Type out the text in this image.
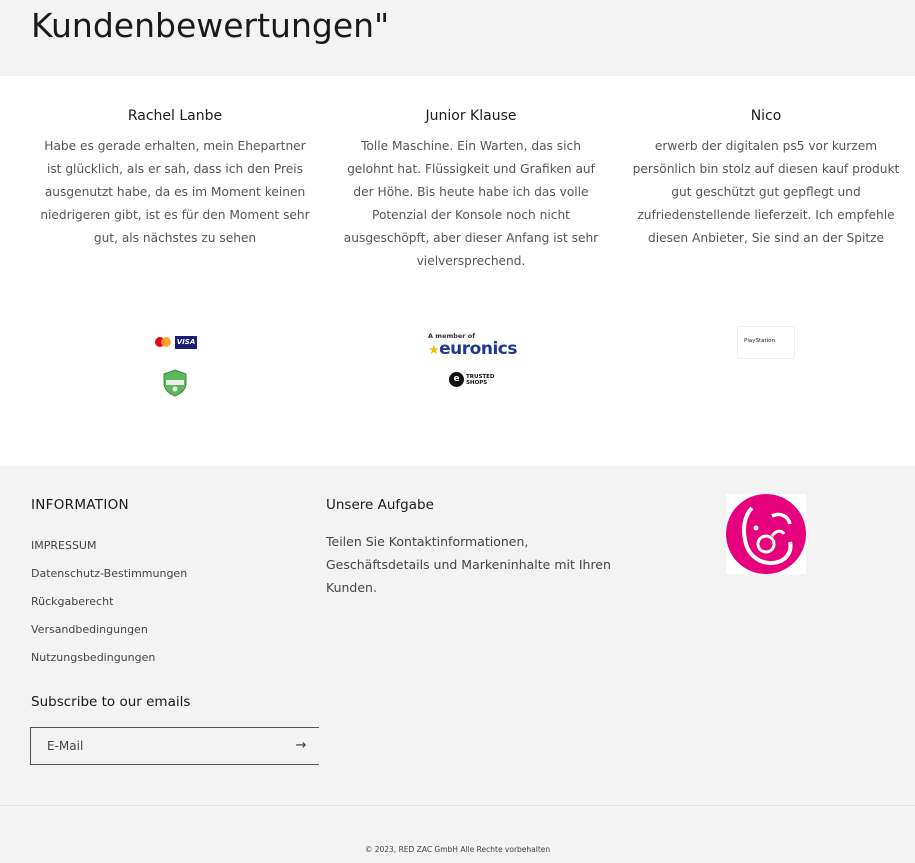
Kundenbewertungen"
Rachel Lanbe

Habe es gerade erhalten, mein Ehepartner ist glücklich, als er sah, dass ich den Preis ausgenutzt habe, da es im Moment keinen niedrigeren gibt, ist es für den Moment sehr gut, als nächstes zu sehen

Junior Klause

Tolle Maschine. Ein Warten, das sich gelohnt hat. Flüssigkeit und Grafiken auf der Höhe. Bis heute habe ich das volle Potenzial der Konsole noch nicht ausgeschöpft, aber dieser Anfang ist sehr vielversprechend.

Nico

erwerb der digitalen ps5 vor kurzem persönlich bin stolz auf diesen kauf produkt gut geschützt gut gepflegt und zufriedenstellende lieferzeit. Ich empfehle diesen Anbieter, Sie sind an der Spitze

VISA
A member of
★euronics
e	TRUSTED
SHOPS
PlayStation
INFORMATION
IMPRESSUM
Datenschutz-Bestimmungen
Rückgaberecht
Versandbedingungen
Nutzungsbedingungen
Unsere Aufgabe

Teilen Sie Kontaktinformationen, Geschäftsdetails und Markeninhalte mit Ihren Kunden.

Subscribe to our emails
E-Mail
→
© 2023, RED ZAC GmbH Alle Rechte vorbehalten
